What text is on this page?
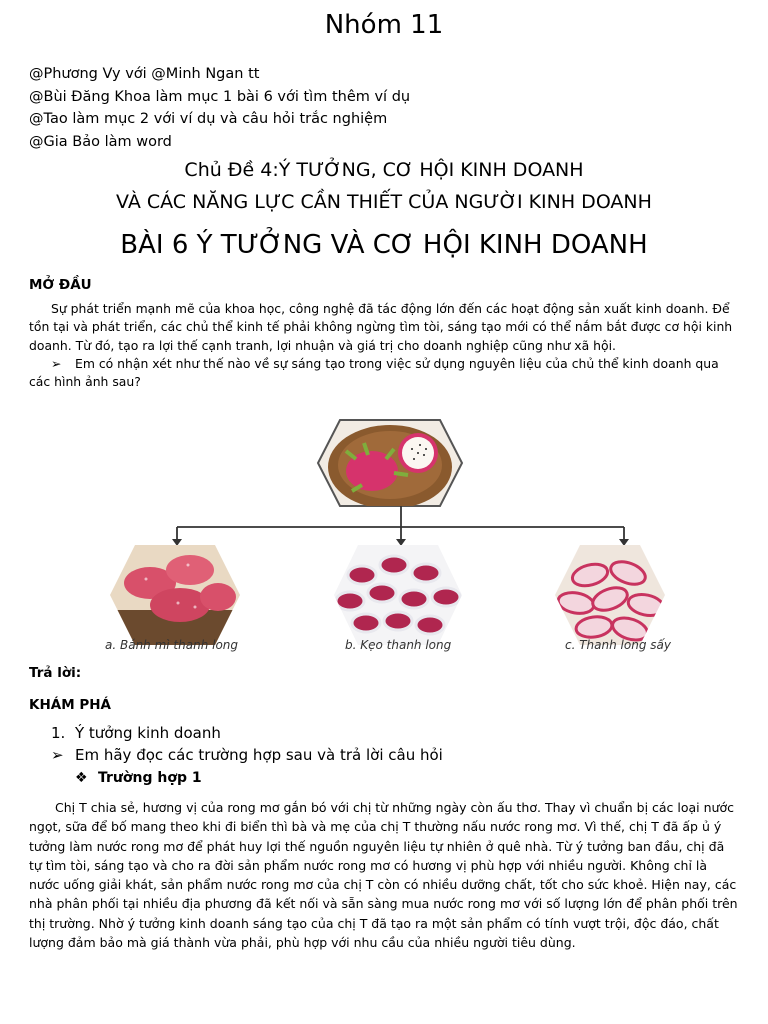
Nhóm 11
@Phương Vy với @Minh Ngan tt
@Bùi Đăng Khoa làm mục 1 bài 6 với tìm thêm ví dụ
@Tao làm mục 2 với ví dụ và câu hỏi trắc nghiệm
@Gia Bảo làm word
Chủ Đề 4:Ý TƯỞNG, CƠ HỘI KINH DOANH
VÀ CÁC NĂNG LỰC CẦN THIẾT CỦA NGƯỜI KINH DOANH
BÀI 6 Ý TƯỞNG VÀ CƠ HỘI KINH DOANH
MỞ ĐẦU

Sự phát triển mạnh mẽ của khoa học, công nghệ đã tác động lớn đến các hoạt động sản xuất kinh doanh. Để tồn tại và phát triển, các chủ thể kinh tế phải không ngừng tìm tòi, sáng tạo mới có thể nắm bắt được cơ hội kinh doanh. Từ đó, tạo ra lợi thế cạnh tranh, lợi nhuận và giá trị cho doanh nghiệp cũng như xã hội.

➢	Em có nhận xét như thế nào về sự sáng tạo trong việc sử dụng nguyên liệu của chủ thể kinh doanh qua các hình ảnh sau?
a. Bánh mì thanh long	b. Kẹo thanh long	c. Thanh long sấy
Trả lời:
KHÁM PHÁ
1. Ý tưởng kinh doanh
➢ Em hãy đọc các trường hợp sau và trả lời câu hỏi
❖ Trường hợp 1

Chị T chia sẻ, hương vị của rong mơ gắn bó với chị từ những ngày còn ấu thơ. Thay vì chuẩn bị các loại nước ngọt, sữa để bố mang theo khi đi biển thì bà và mẹ của chị T thường nấu nước rong mơ. Vì thế, chị T đã ấp ủ ý tưởng làm nước rong mơ để phát huy lợi thế nguồn nguyên liệu tự nhiên ở quê nhà. Từ ý tưởng ban đầu, chị đã tự tìm tòi, sáng tạo và cho ra đời sản phẩm nước rong mơ có hương vị phù hợp với nhiều người. Không chỉ là nước uống giải khát, sản phẩm nước rong mơ của chị T còn có nhiều dưỡng chất, tốt cho sức khoẻ. Hiện nay, các nhà phân phối tại nhiều địa phương đã kết nối và sẵn sàng mua nước rong mơ với số lượng lớn để phân phối trên thị trường. Nhờ ý tưởng kinh doanh sáng tạo của chị T đã tạo ra một sản phẩm có tính vượt trội, độc đáo, chất lượng đảm bảo mà giá thành vừa phải, phù hợp với nhu cầu của nhiều người tiêu dùng.
